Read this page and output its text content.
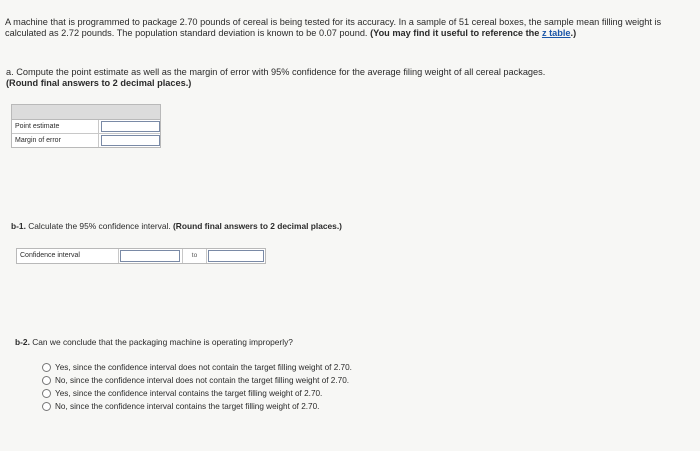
A machine that is programmed to package 2.70 pounds of cereal is being tested for its accuracy. In a sample of 51 cereal boxes, the sample mean filling weight is calculated as 2.72 pounds. The population standard deviation is known to be 0.07 pound. (You may find it useful to reference the z table.)
a. Compute the point estimate as well as the margin of error with 95% confidence for the average filing weight of all cereal packages.
(Round final answers to 2 decimal places.)
Point estimate
Margin of error
b-1. Calculate the 95% confidence interval. (Round final answers to 2 decimal places.)
Confidence interval	to
b-2. Can we conclude that the packaging machine is operating improperly?
Yes, since the confidence interval does not contain the target filling weight of 2.70.
No, since the confidence interval does not contain the target filling weight of 2.70.
Yes, since the confidence interval contains the target filling weight of 2.70.
No, since the confidence interval contains the target filling weight of 2.70.
